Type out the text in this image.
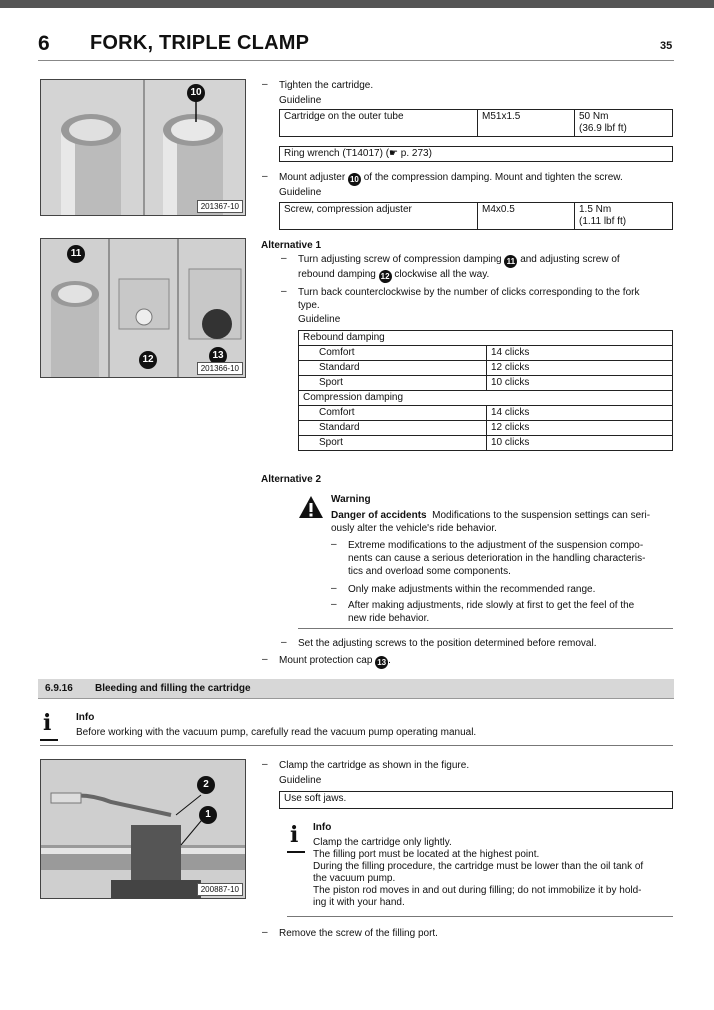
6 FORK, TRIPLE CLAMP	35
10
201367-10
11
12	13
201366-10
– Tighten the cartridge.
Guideline
Cartridge on the outer tube	M51x1.5	50 Nm
(36.9 lbf ft)
Ring wrench (T14017) (☛ p. 273)
– Mount adjuster 10 of the compression damping. Mount and tighten the screw.
Guideline
Screw, compression adjuster	M4x0.5	1.5 Nm
(1.11 lbf ft)
Alternative 1
– Turn adjusting screw of compression damping 11 and adjusting screw of
rebound damping 12 clockwise all the way.
– Turn back counterclockwise by the number of clicks corresponding to the fork
type.
Guideline
Rebound damping	
Comfort	14 clicks
Standard	12 clicks
Sport	10 clicks
Compression damping	
Comfort	14 clicks
Standard	12 clicks
Sport	10 clicks
Alternative 2
Warning
Danger of accidents Modifications to the suspension settings can seri-
ously alter the vehicle's ride behavior.
– Extreme modifications to the adjustment of the suspension compo-
nents can cause a serious deterioration in the handling characteris-
tics and overload some components.
– Only make adjustments within the recommended range.
– After making adjustments, ride slowly at first to get the feel of the
new ride behavior.
– Set the adjusting screws to the position determined before removal.
– Mount protection cap 13 .
6.9.16 Bleeding and filling the cartridge
i Info
Before working with the vacuum pump, carefully read the vacuum pump operating manual.
2
1
200887-10
– Clamp the cartridge as shown in the figure.
Guideline
Use soft jaws.
i Info
Clamp the cartridge only lightly.
The filling port must be located at the highest point.
During the filling procedure, the cartridge must be lower than the oil tank of
the vacuum pump.
The piston rod moves in and out during filling; do not immobilize it by hold-
ing it with your hand.
– Remove the screw of the filling port.
